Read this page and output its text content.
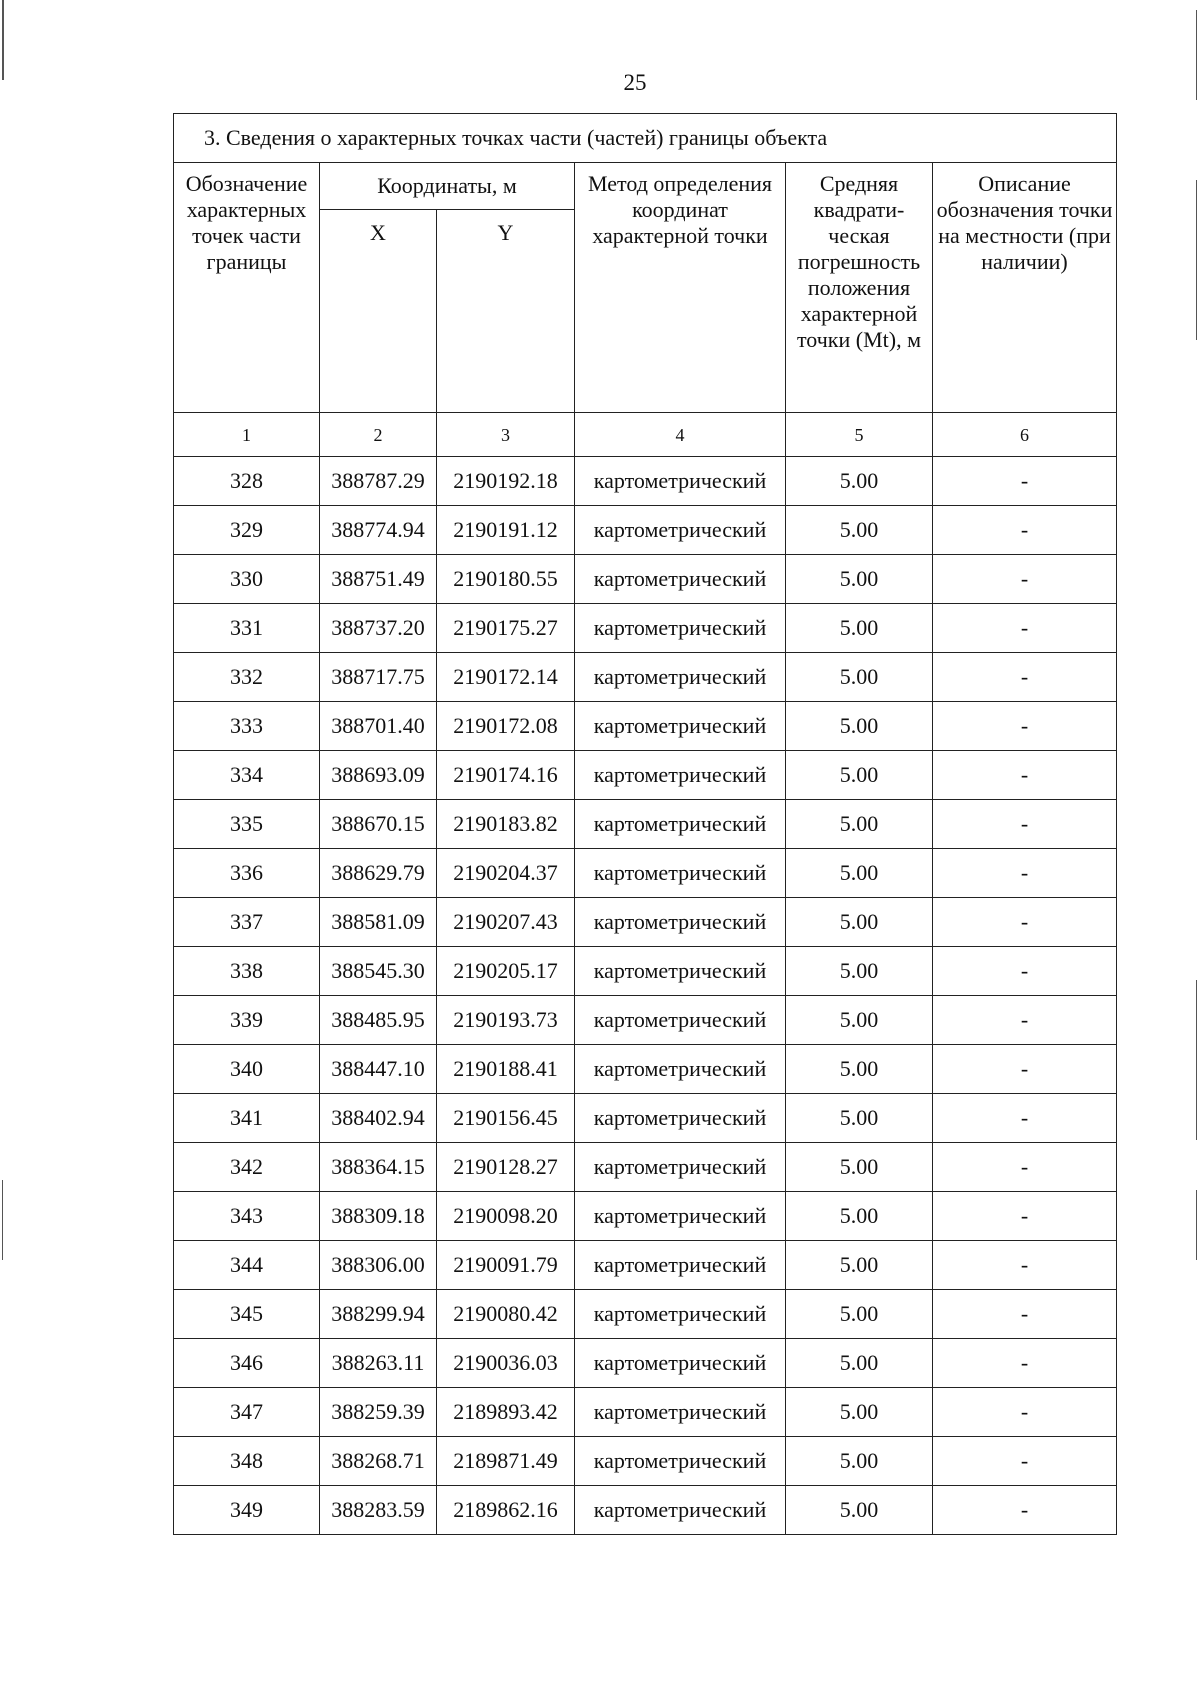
25
3. Сведения о характерных точках части (частей) границы объекта					
Обозначение характерных точек части границы	Координаты, м		Метод определения координат характерной точки	Средняя квадрати-ческая погрешность положения характерной точки (Mt), м	Описание обозначения точки на местности (при наличии)
	X	Y			
1	2	3	4	5	6
328	388787.29	2190192.18	картометрический	5.00	-
329	388774.94	2190191.12	картометрический	5.00	-
330	388751.49	2190180.55	картометрический	5.00	-
331	388737.20	2190175.27	картометрический	5.00	-
332	388717.75	2190172.14	картометрический	5.00	-
333	388701.40	2190172.08	картометрический	5.00	-
334	388693.09	2190174.16	картометрический	5.00	-
335	388670.15	2190183.82	картометрический	5.00	-
336	388629.79	2190204.37	картометрический	5.00	-
337	388581.09	2190207.43	картометрический	5.00	-
338	388545.30	2190205.17	картометрический	5.00	-
339	388485.95	2190193.73	картометрический	5.00	-
340	388447.10	2190188.41	картометрический	5.00	-
341	388402.94	2190156.45	картометрический	5.00	-
342	388364.15	2190128.27	картометрический	5.00	-
343	388309.18	2190098.20	картометрический	5.00	-
344	388306.00	2190091.79	картометрический	5.00	-
345	388299.94	2190080.42	картометрический	5.00	-
346	388263.11	2190036.03	картометрический	5.00	-
347	388259.39	2189893.42	картометрический	5.00	-
348	388268.71	2189871.49	картометрический	5.00	-
349	388283.59	2189862.16	картометрический	5.00	-
